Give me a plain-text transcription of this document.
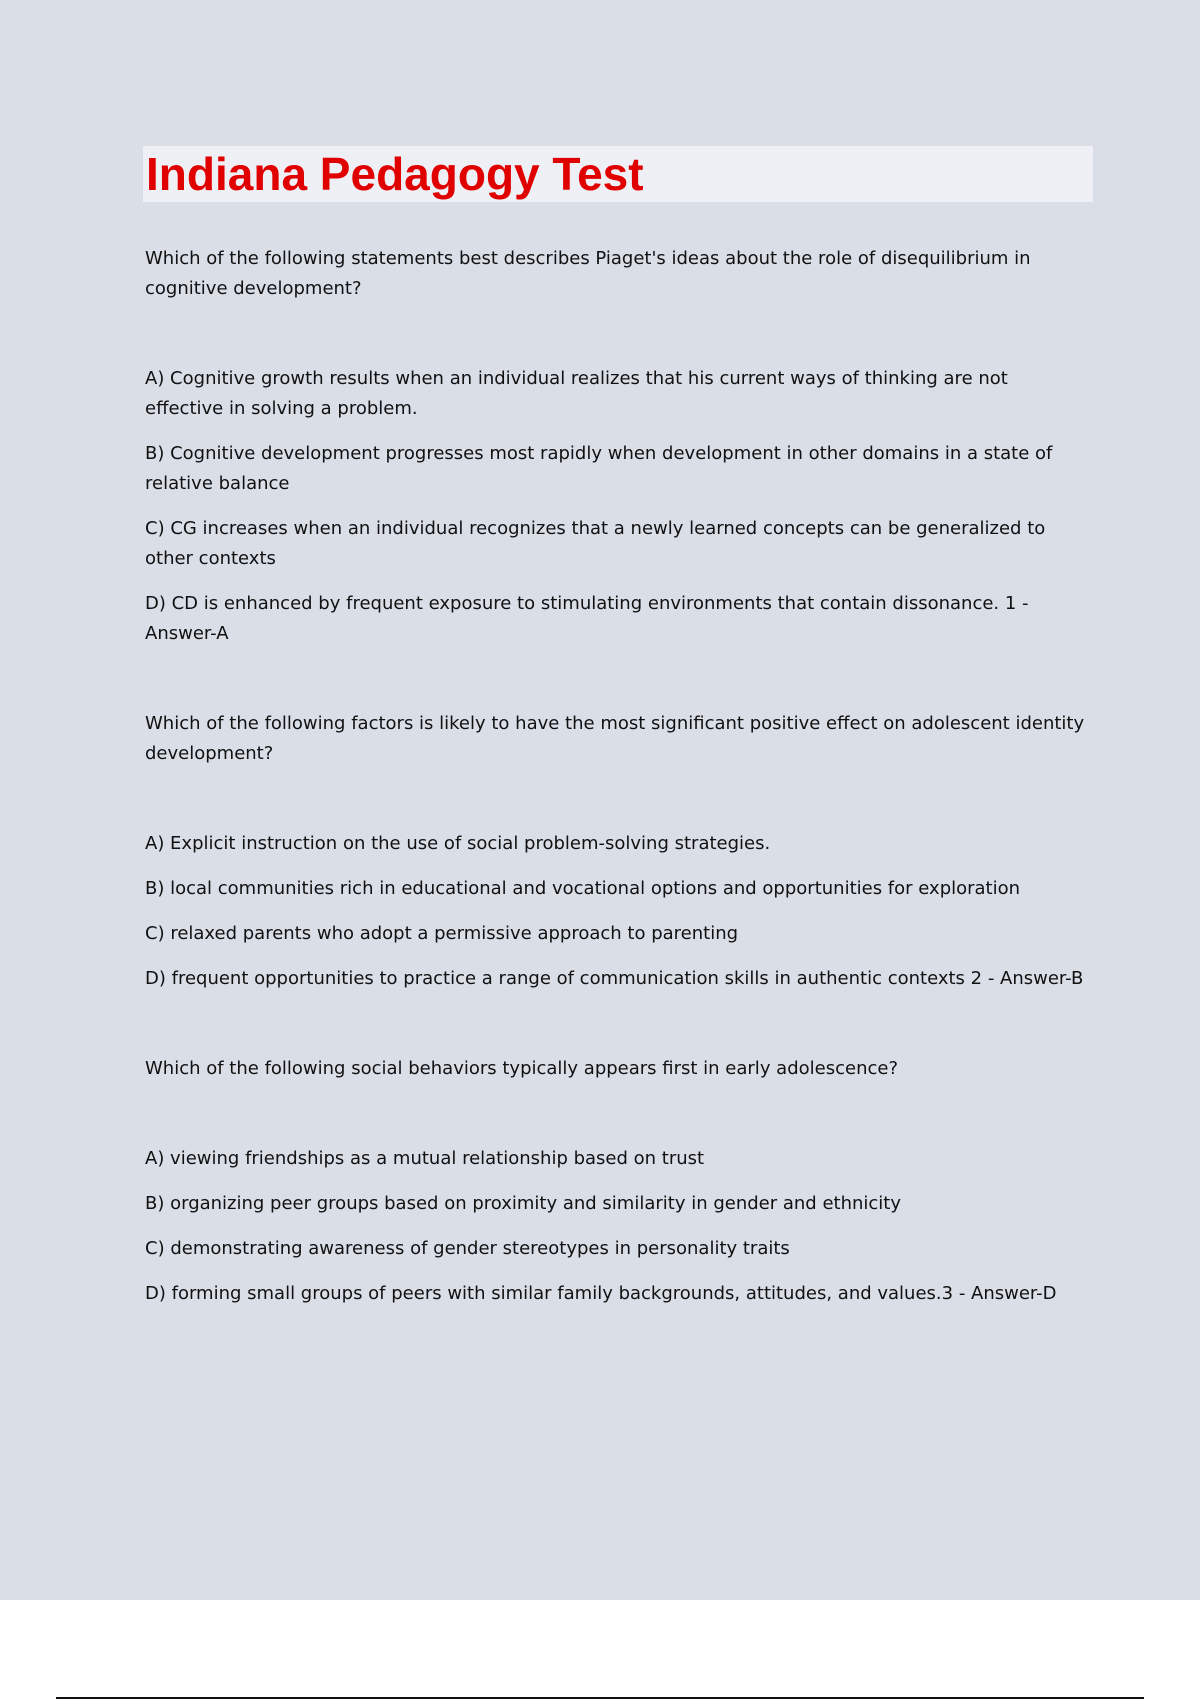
Indiana Pedagogy Test

Which of the following statements best describes Piaget's ideas about the role of disequilibrium in cognitive development?

A) Cognitive growth results when an individual realizes that his current ways of thinking are not effective in solving a problem.

B) Cognitive development progresses most rapidly when development in other domains in a state of relative balance

C) CG increases when an individual recognizes that a newly learned concepts can be generalized to other contexts

D) CD is enhanced by frequent exposure to stimulating environments that contain dissonance. 1 - Answer-A

Which of the following factors is likely to have the most significant positive effect on adolescent identity development?

A) Explicit instruction on the use of social problem-solving strategies.

B) local communities rich in educational and vocational options and opportunities for exploration

C) relaxed parents who adopt a permissive approach to parenting

D) frequent opportunities to practice a range of communication skills in authentic contexts 2 - Answer-B

Which of the following social behaviors typically appears first in early adolescence?

A) viewing friendships as a mutual relationship based on trust

B) organizing peer groups based on proximity and similarity in gender and ethnicity

C) demonstrating awareness of gender stereotypes in personality traits

D) forming small groups of peers with similar family backgrounds, attitudes, and values.3 - Answer-D
